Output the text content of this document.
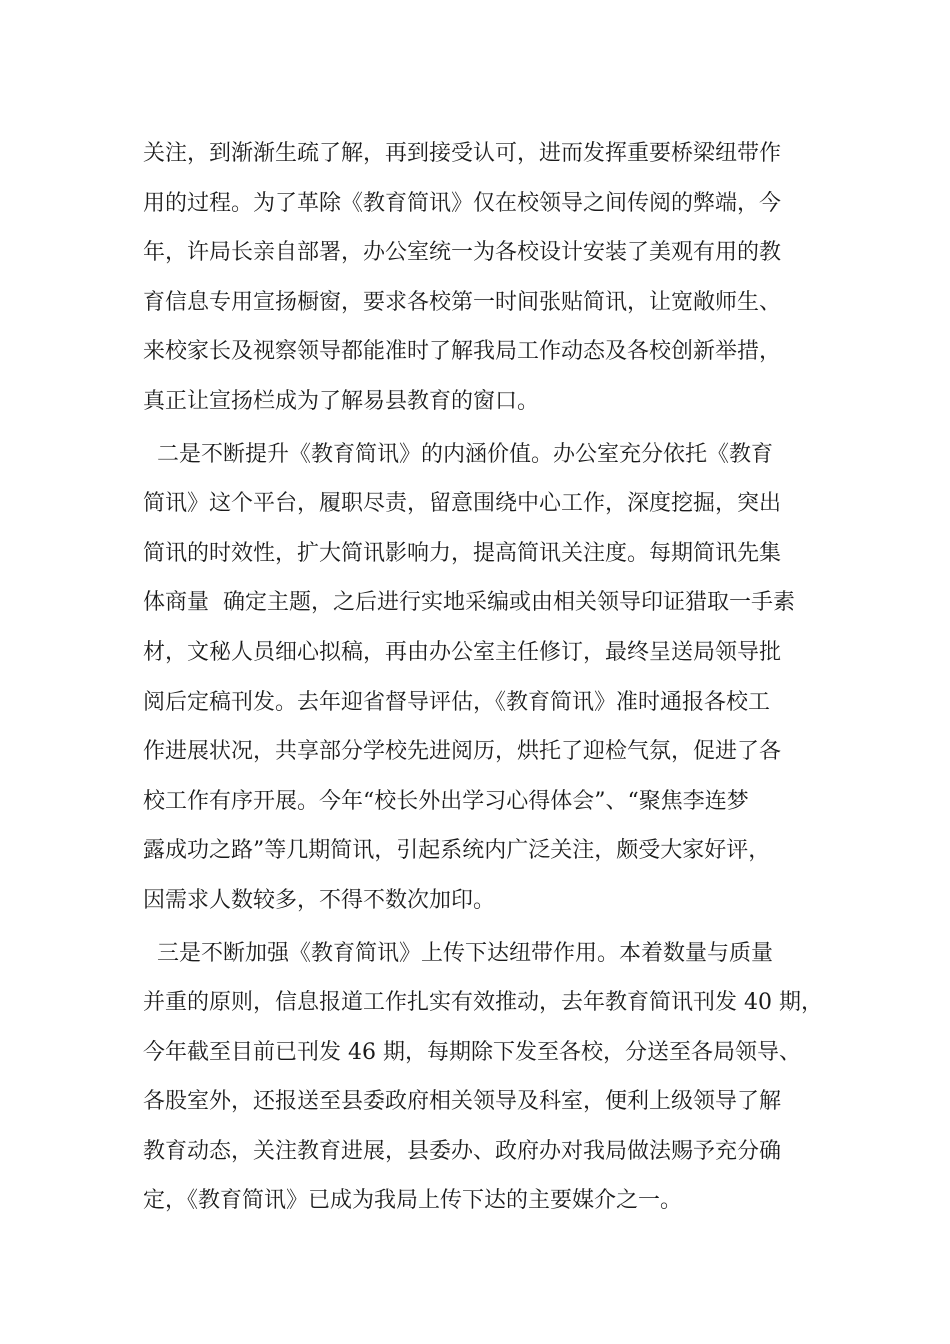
关注，到渐渐生疏了解，再到接受认可，进而发挥重要桥梁纽带作
用的过程。为了革除《教育简讯》仅在校领导之间传阅的弊端，今
年，许局长亲自部署，办公室统一为各校设计安装了美观有用的教
育信息专用宣扬橱窗，要求各校第一时间张贴简讯，让宽敞师生、
来校家长及视察领导都能准时了解我局工作动态及各校创新举措，
真正让宣扬栏成为了解易县教育的窗口。
二是不断提升《教育简讯》的内涵价值。办公室充分依托《教育
简讯》这个平台，履职尽责，留意围绕中心工作，深度挖掘，突出
简讯的时效性，扩大简讯影响力，提高简讯关注度。每期简讯先集
体商量  确定主题，之后进行实地采编或由相关领导印证猎取一手素
材，文秘人员细心拟稿，再由办公室主任修订，最终呈送局领导批
阅后定稿刊发。去年迎省督导评估，《教育简讯》准时通报各校工
作进展状况，共享部分学校先进阅历，烘托了迎检气氛，促进了各
校工作有序开展。今年“校长外出学习心得体会”、“聚焦李连梦
露成功之路”等几期简讯，引起系统内广泛关注，颇受大家好评，
因需求人数较多，不得不数次加印。
三是不断加强《教育简讯》上传下达纽带作用。本着数量与质量
并重的原则，信息报道工作扎实有效推动，去年教育简讯刊发 40 期，
今年截至目前已刊发 46 期，每期除下发至各校，分送至各局领导、
各股室外，还报送至县委政府相关领导及科室，便利上级领导了解
教育动态，关注教育进展，县委办、政府办对我局做法赐予充分确
定，《教育简讯》已成为我局上传下达的主要媒介之一。
